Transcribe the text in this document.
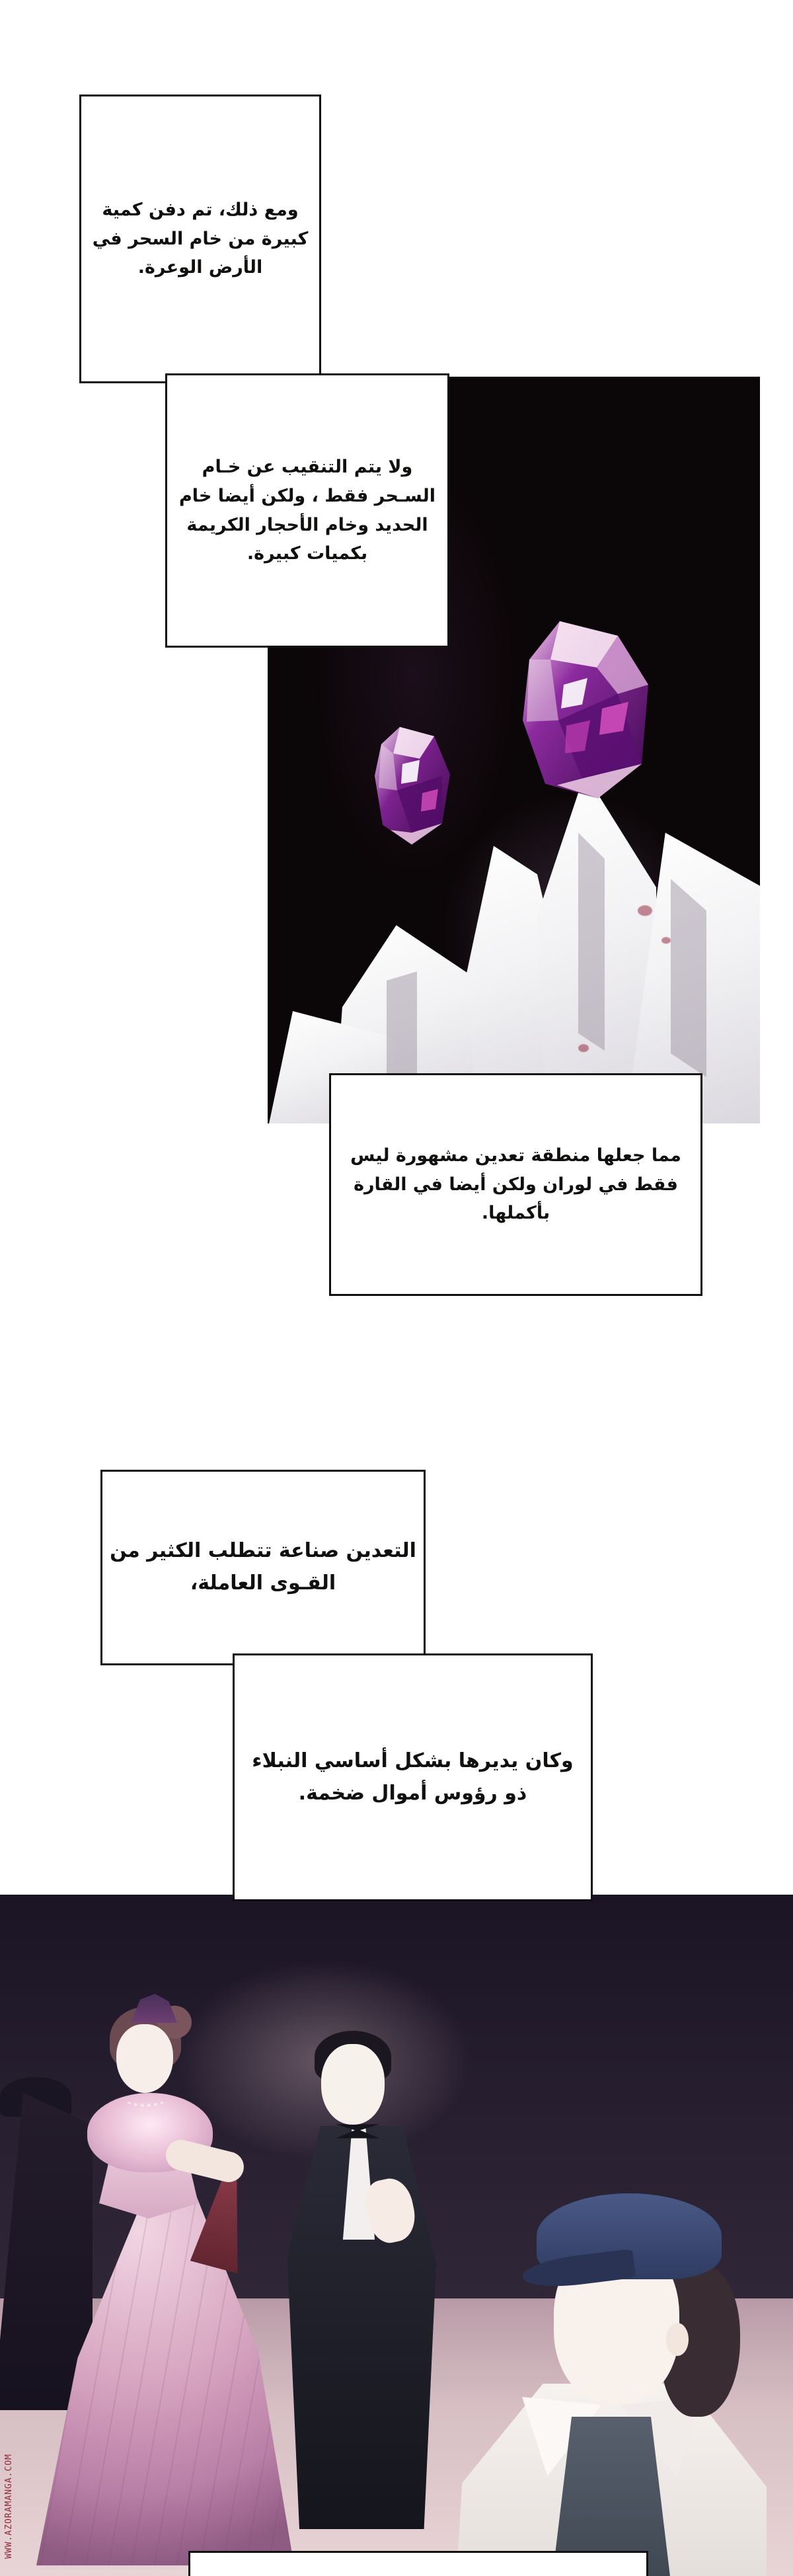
ومع ذلك، تم دفن كمية كبيرة من خام السحر في الأرض الوعرة.

ولا يتم التنقيب عن خـام السـحر فقط ، ولكن أيضا خام الحديد وخام الأحجار الكريمة بكميات كبيرة.

مما جعلها منطقة تعدين مشهورة ليس فقط في لوران ولكن أيضا في القارة بأكملها.

التعدين صناعة تتطلب الكثير من القـوى العاملة،

وكان يديرها بشكل أساسي النبلاء ذو رؤوس أموال ضخمة.

WWW.AZORAMANGA.COM
